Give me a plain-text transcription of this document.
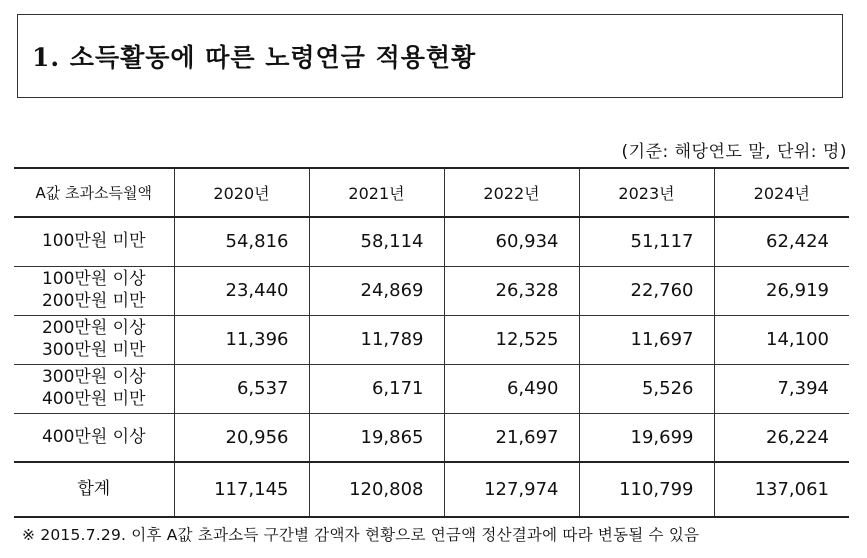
1. 소득활동에 따른 노령연금 적용현황
(기준: 해당연도 말, 단위: 명)
A값 초과소득월액	2020년	2021년	2022년	2023년	2024년

100만원 미만	54,816	58,114	60,934	51,117	62,424

100만원 이상
200만원 미만	23,440	24,869	26,328	22,760	26,919

200만원 이상
300만원 미만	11,396	11,789	12,525	11,697	14,100

300만원 이상
400만원 미만	6,537	6,171	6,490	5,526	7,394

400만원 이상	20,956	19,865	21,697	19,699	26,224
합계	117,145	120,808	127,974	110,799	137,061
※ 2015.7.29. 이후 A값 초과소득 구간별 감액자 현황으로 연금액 정산결과에 따라 변동될 수 있음
